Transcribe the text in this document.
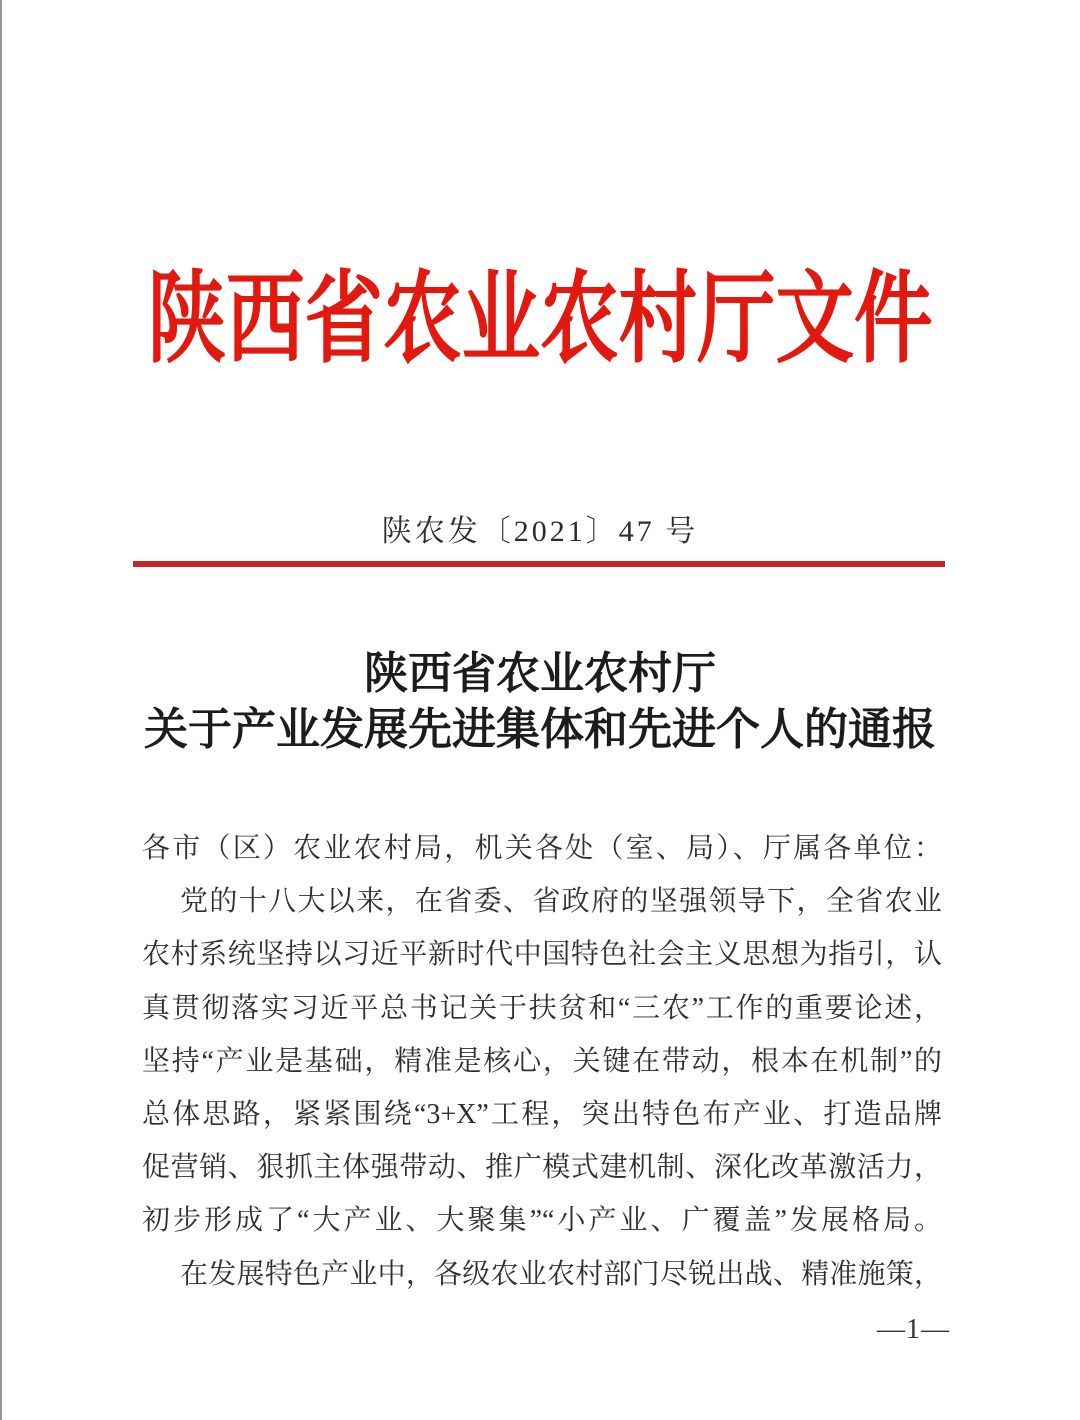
陕西省农业农村厅文件
陕农发〔2021〕47 号
陕西省农业农村厅
关于产业发展先进集体和先进个人的通报
各市（区）农业农村局，机关各处（室、局）、厅属各单位：
党的十八大以来，在省委、省政府的坚强领导下，全省农业
农村系统坚持以习近平新时代中国特色社会主义思想为指引，认
真贯彻落实习近平总书记关于扶贫和“三农”工作的重要论述，
坚持“产业是基础，精准是核心，关键在带动，根本在机制”的
总体思路，紧紧围绕“3+X”工程，突出特色布产业、打造品牌
促营销、狠抓主体强带动、推广模式建机制、深化改革激活力，
初步形成了“大产业、大聚集”“小产业、广覆盖”发展格局。
在发展特色产业中，各级农业农村部门尽锐出战、精准施策，
—1—
